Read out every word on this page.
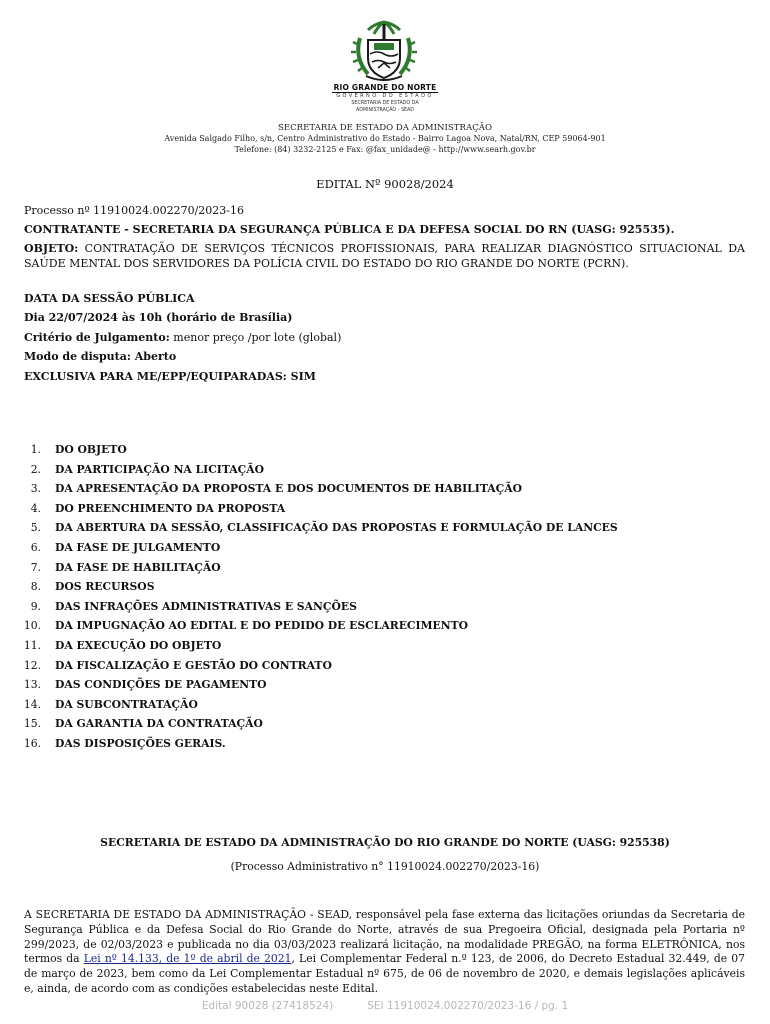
RIO GRANDE DO NORTE
GOVERNO DO ESTADO
SECRETARIA DE ESTADO DA
ADMINISTRAÇÃO - SEAD
SECRETARIA DE ESTADO DA ADMINISTRAÇÃO
Avenida Salgado Filho, s/n, Centro Administrativo do Estado - Bairro Lagoa Nova, Natal/RN, CEP 59064-901
Telefone: (84) 3232-2125 e Fax: @fax_unidade@ - http://www.searh.gov.br
EDITAL Nº 90028/2024
Processo nº 11910024.002270/2023-16
CONTRATANTE - SECRETARIA DA SEGURANÇA PÚBLICA E DA DEFESA SOCIAL DO RN (UASG: 925535).
OBJETO: CONTRATAÇÃO DE SERVIÇOS TÉCNICOS PROFISSIONAIS, PARA REALIZAR DIAGNÓSTICO SITUACIONAL DA SAÚDE MENTAL DOS SERVIDORES DA POLÍCIA CIVIL DO ESTADO DO RIO GRANDE DO NORTE (PCRN).
DATA DA SESSÃO PÚBLICA
Dia 22/07/2024 às 10h (horário de Brasília)
Critério de Julgamento: menor preço /por lote (global)
Modo de disputa: Aberto
EXCLUSIVA PARA ME/EPP/EQUIPARADAS: SIM
1. DO OBJETO
2. DA PARTICIPAÇÃO NA LICITAÇÃO
3. DA APRESENTAÇÃO DA PROPOSTA E DOS DOCUMENTOS DE HABILITAÇÃO
4. DO PREENCHIMENTO DA PROPOSTA
5. DA ABERTURA DA SESSÃO, CLASSIFICAÇÃO DAS PROPOSTAS E FORMULAÇÃO DE LANCES
6. DA FASE DE JULGAMENTO
7. DA FASE DE HABILITAÇÃO
8. DOS RECURSOS
9. DAS INFRAÇÕES ADMINISTRATIVAS E SANÇÕES
10. DA IMPUGNAÇÃO AO EDITAL E DO PEDIDO DE ESCLARECIMENTO
11. DA EXECUÇÃO DO OBJETO
12. DA FISCALIZAÇÃO E GESTÃO DO CONTRATO
13. DAS CONDIÇÕES DE PAGAMENTO
14. DA SUBCONTRATAÇÃO
15. DA GARANTIA DA CONTRATAÇÃO
16. DAS DISPOSIÇÕES GERAIS.
SECRETARIA DE ESTADO DA ADMINISTRAÇÃO DO RIO GRANDE DO NORTE (UASG: 925538)
(Processo Administrativo n° 11910024.002270/2023-16)
A SECRETARIA DE ESTADO DA ADMINISTRAÇÃO - SEAD, responsável pela fase externa das licitações oriundas da Secretaria de Segurança Pública e da Defesa Social do Rio Grande do Norte, através de sua Pregoeira Oficial, designada pela Portaria nº 299/2023, de 02/03/2023 e publicada no dia 03/03/2023 realizará licitação, na modalidade PREGÃO, na forma ELETRÔNICA, nos termos da Lei nº 14.133, de 1º de abril de 2021, Lei Complementar Federal n.º 123, de 2006, do Decreto Estadual 32.449, de 07 de março de 2023, bem como da Lei Complementar Estadual nº 675, de 06 de novembro de 2020, e demais legislações aplicáveis e, ainda, de acordo com as condições estabelecidas neste Edital.
Edital 90028 (27418524)	SEI 11910024.002270/2023-16 / pg. 1
